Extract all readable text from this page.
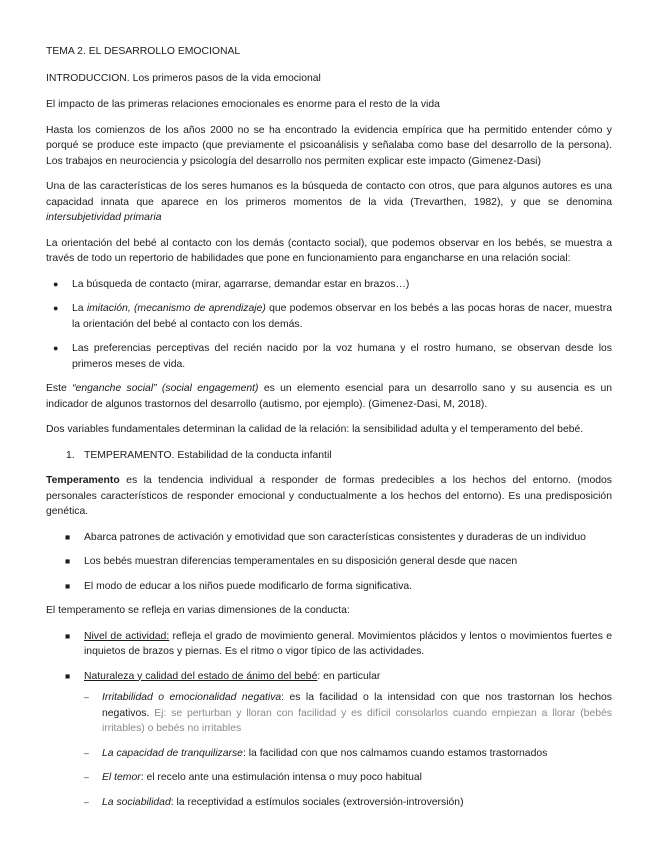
TEMA 2. EL DESARROLLO EMOCIONAL

INTRODUCCION. Los primeros pasos de la vida emocional

El impacto de las primeras relaciones emocionales es enorme para el resto de la vida

Hasta los comienzos de los años 2000 no se ha encontrado la evidencia empírica que ha permitido entender cómo y porqué se produce este impacto (que previamente el psicoanálisis y señalaba como base del desarrollo de la persona). Los trabajos en neurociencia y psicología del desarrollo nos permiten explicar este impacto (Gimenez-Dasi)

Una de las características de los seres humanos es la búsqueda de contacto con otros, que para algunos autores es una capacidad innata que aparece en los primeros momentos de la vida (Trevarthen, 1982), y que se denomina intersubjetividad primaria

La orientación del bebé al contacto con los demás (contacto social), que podemos observar en los bebés, se muestra a través de todo un repertorio de habilidades que pone en funcionamiento para engancharse en una relación social:

● La búsqueda de contacto (mirar, agarrarse, demandar estar en brazos…)
● La imitación, (mecanismo de aprendizaje) que podemos observar en los bebés a las pocas horas de nacer, muestra la orientación del bebé al contacto con los demás.
● Las preferencias perceptivas del recién nacido por la voz humana y el rostro humano, se observan desde los primeros meses de vida.

Este “enganche social” (social engagement) es un elemento esencial para un desarrollo sano y su ausencia es un indicador de algunos trastornos del desarrollo (autismo, por ejemplo). (Gimenez-Dasi, M, 2018).

Dos variables fundamentales determinan la calidad de la relación: la sensibilidad adulta y el temperamento del bebé.

1. TEMPERAMENTO. Estabilidad de la conducta infantil

Temperamento es la tendencia individual a responder de formas predecibles a los hechos del entorno. (modos personales característicos de responder emocional y conductualmente a los hechos del entorno). Es una predisposición genética.

■ Abarca patrones de activación y emotividad que son características consistentes y duraderas de un individuo
■ Los bebés muestran diferencias temperamentales en su disposición general desde que nacen
■ El modo de educar a los niños puede modificarlo de forma significativa.

El temperamento se refleja en varias dimensiones de la conducta:

■ Nivel de actividad: refleja el grado de movimiento general. Movimientos plácidos y lentos o movimientos fuertes e inquietos de brazos y piernas. Es el ritmo o vigor típico de las actividades.
■ Naturaleza y calidad del estado de ánimo del bebé: en particular
– Irritabilidad o emocionalidad negativa: es la facilidad o la intensidad con que nos trastornan los hechos negativos. Ej: se perturban y lloran con facilidad y es difícil consolarlos cuando empiezan a llorar (bebés irritables) o bebés no irritables
– La capacidad de tranquilizarse: la facilidad con que nos calmamos cuando estamos trastornados
– El temor: el recelo ante una estimulación intensa o muy poco habitual
– La sociabilidad: la receptividad a estímulos sociales (extroversión-introversión)
